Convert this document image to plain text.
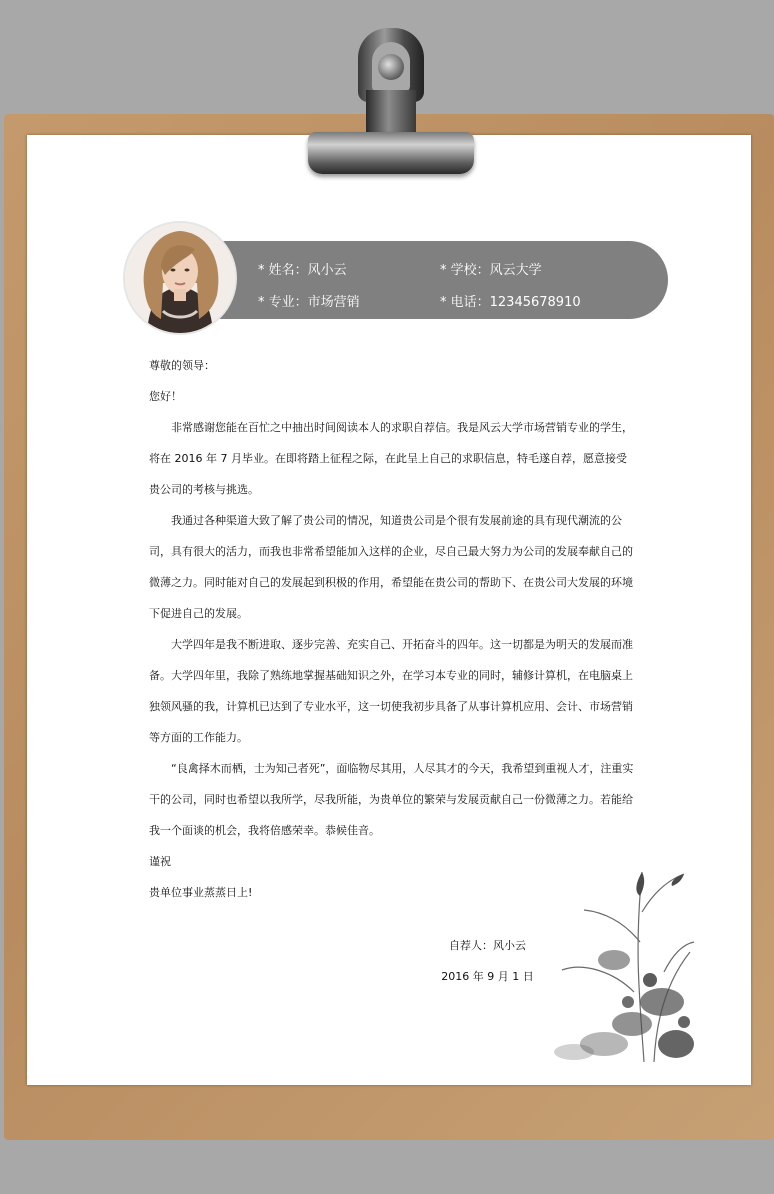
* 姓名：风小云	* 学校：风云大学
* 专业：市场营销	* 电话：12345678910

尊敬的领导：

您好！

非常感谢您能在百忙之中抽出时间阅读本人的求职自荐信。我是风云大学市场营销专业的学生，将在 2016 年 7 月毕业。在即将踏上征程之际，在此呈上自己的求职信息，特毛遂自荐，愿意接受贵公司的考核与挑选。

我通过各种渠道大致了解了贵公司的情况，知道贵公司是个很有发展前途的具有现代潮流的公司，具有很大的活力，而我也非常希望能加入这样的企业，尽自己最大努力为公司的发展奉献自己的微薄之力。同时能对自己的发展起到积极的作用，希望能在贵公司的帮助下、在贵公司大发展的环境下促进自己的发展。

大学四年是我不断进取、逐步完善、充实自己、开拓奋斗的四年。这一切都是为明天的发展而准备。大学四年里，我除了熟练地掌握基础知识之外，在学习本专业的同时，辅修计算机，在电脑桌上独领风骚的我，计算机已达到了专业水平，这一切使我初步具备了从事计算机应用、会计、市场营销等方面的工作能力。

“良禽择木而栖，士为知己者死”，面临物尽其用，人尽其才的今天，我希望到重视人才，注重实干的公司，同时也希望以我所学，尽我所能，为贵单位的繁荣与发展贡献自己一份微薄之力。若能给我一个面谈的机会，我将倍感荣幸。恭候佳音。

谨祝

贵单位事业蒸蒸日上!

自荐人：风小云
2016 年 9 月 1 日
